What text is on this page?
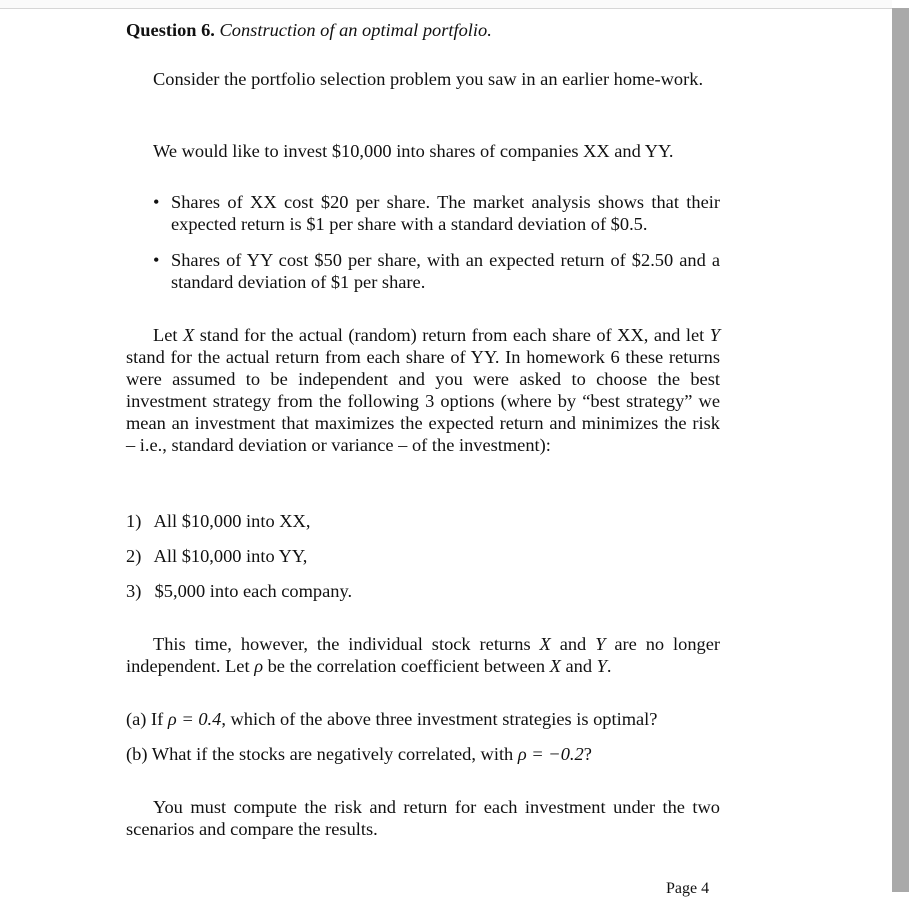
Question 6. Construction of an optimal portfolio.

Consider the portfolio selection problem you saw in an earlier home-work.

We would like to invest $10,000 into shares of companies XX and YY.

• Shares of XX cost $20 per share. The market analysis shows that their expected return is $1 per share with a standard deviation of $0.5.
• Shares of YY cost $50 per share, with an expected return of $2.50 and a standard deviation of $1 per share.

Let X stand for the actual (random) return from each share of XX, and let Y stand for the actual return from each share of YY. In homework 6 these returns were assumed to be independent and you were asked to choose the best investment strategy from the following 3 options (where by “best strategy” we mean an investment that maximizes the expected return and minimizes the risk – i.e., standard deviation or variance – of the investment):

1) All $10,000 into XX,
2) All $10,000 into YY,
3) $5,000 into each company.

This time, however, the individual stock returns X and Y are no longer independent. Let ρ be the correlation coefficient between X and Y.

(a) If ρ = 0.4, which of the above three investment strategies is optimal?
(b) What if the stocks are negatively correlated, with ρ = −0.2?

You must compute the risk and return for each investment under the two scenarios and compare the results.

Page 4
